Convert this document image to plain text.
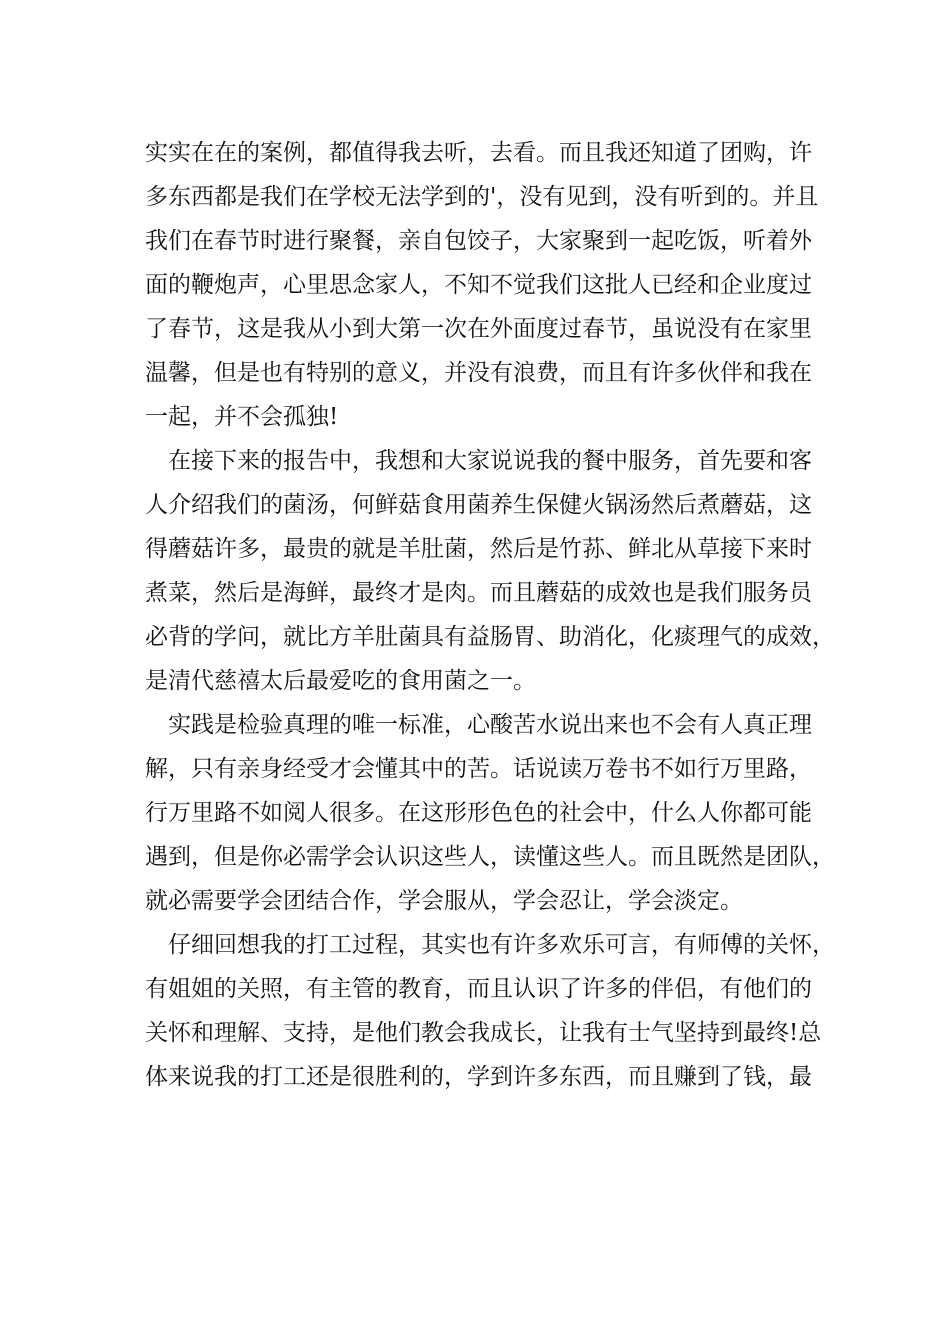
实实在在的案例，都值得我去听，去看。而且我还知道了团购，许
多东西都是我们在学校无法学到的'，没有见到，没有听到的。并且
我们在春节时进行聚餐，亲自包饺子，大家聚到一起吃饭，听着外
面的鞭炮声，心里思念家人，不知不觉我们这批人已经和企业度过
了春节，这是我从小到大第一次在外面度过春节，虽说没有在家里
温馨，但是也有特别的意义，并没有浪费，而且有许多伙伴和我在
一起，并不会孤独!

在接下来的报告中，我想和大家说说我的餐中服务，首先要和客
人介绍我们的菌汤，何鲜菇食用菌养生保健火锅汤然后煮蘑菇，这
得蘑菇许多，最贵的就是羊肚菌，然后是竹荪、鲜北从草接下来时
煮菜，然后是海鲜，最终才是肉。而且蘑菇的成效也是我们服务员
必背的学问，就比方羊肚菌具有益肠胃、助消化，化痰理气的成效，
是清代慈禧太后最爱吃的食用菌之一。

实践是检验真理的唯一标准，心酸苦水说出来也不会有人真正理
解，只有亲身经受才会懂其中的苦。话说读万卷书不如行万里路，
行万里路不如阅人很多。在这形形色色的社会中，什么人你都可能
遇到，但是你必需学会认识这些人，读懂这些人。而且既然是团队，
就必需要学会团结合作，学会服从，学会忍让，学会淡定。

仔细回想我的打工过程，其实也有许多欢乐可言，有师傅的关怀，
有姐姐的关照，有主管的教育，而且认识了许多的伴侣，有他们的
关怀和理解、支持，是他们教会我成长，让我有士气坚持到最终!总
体来说我的打工还是很胜利的，学到许多东西，而且赚到了钱，最
